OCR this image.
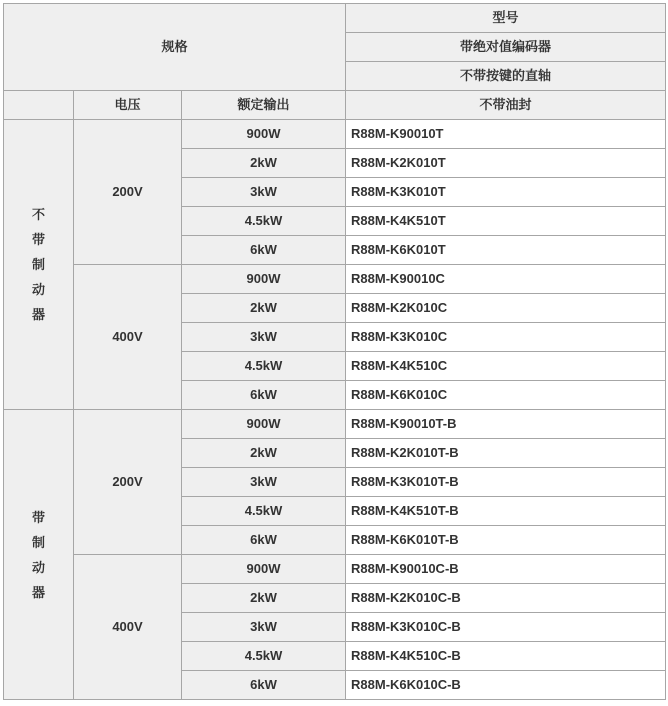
规格			型号
			带绝对值编码器
			不带按键的直轴
	电压	额定输出	不带油封

不
带
制
动
器	200V	900W	R88M-K90010T
		2kW	R88M-K2K010T
		3kW	R88M-K3K010T
		4.5kW	R88M-K4K510T
		6kW	R88M-K6K010T
	400V	900W	R88M-K90010C
		2kW	R88M-K2K010C
		3kW	R88M-K3K010C
		4.5kW	R88M-K4K510C
		6kW	R88M-K6K010C

带
制
动
器	200V	900W	R88M-K90010T-B
		2kW	R88M-K2K010T-B
		3kW	R88M-K3K010T-B
		4.5kW	R88M-K4K510T-B
		6kW	R88M-K6K010T-B
	400V	900W	R88M-K90010C-B
		2kW	R88M-K2K010C-B
		3kW	R88M-K3K010C-B
		4.5kW	R88M-K4K510C-B
		6kW	R88M-K6K010C-B
